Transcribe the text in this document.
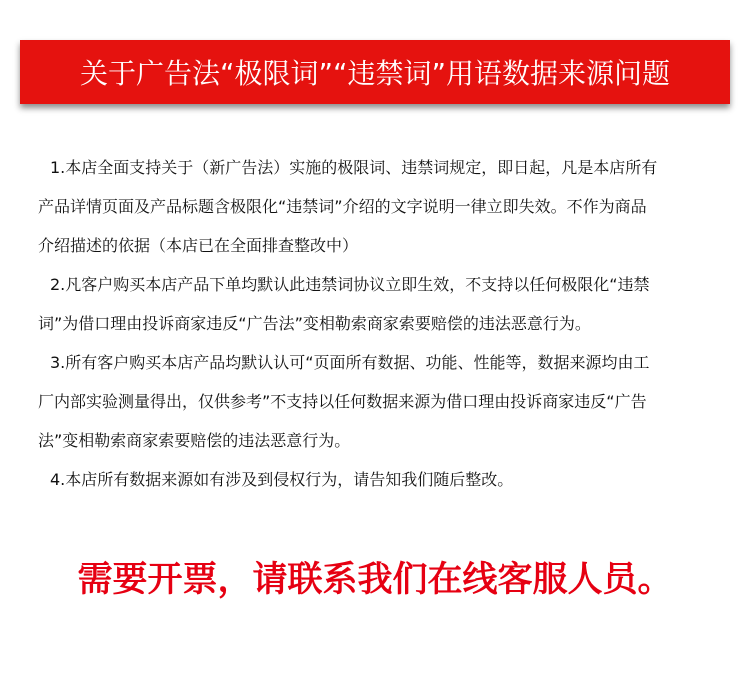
关于广告法“极限词”“违禁词”用语数据来源问题
1.本店全面支持关于（新广告法）实施的极限词、违禁词规定，即日起，凡是本店所有
产品详情页面及产品标题含极限化“违禁词”介绍的文字说明一律立即失效。不作为商品
介绍描述的依据（本店已在全面排查整改中）
2.凡客户购买本店产品下单均默认此违禁词协议立即生效，不支持以任何极限化“违禁
词”为借口理由投诉商家违反“广告法”变相勒索商家索要赔偿的违法恶意行为。
3.所有客户购买本店产品均默认认可“页面所有数据、功能、性能等，数据来源均由工
厂内部实验测量得出，仅供参考”不支持以任何数据来源为借口理由投诉商家违反“广告
法”变相勒索商家索要赔偿的违法恶意行为。
4.本店所有数据来源如有涉及到侵权行为，请告知我们随后整改。
需要开票，请联系我们在线客服人员。
